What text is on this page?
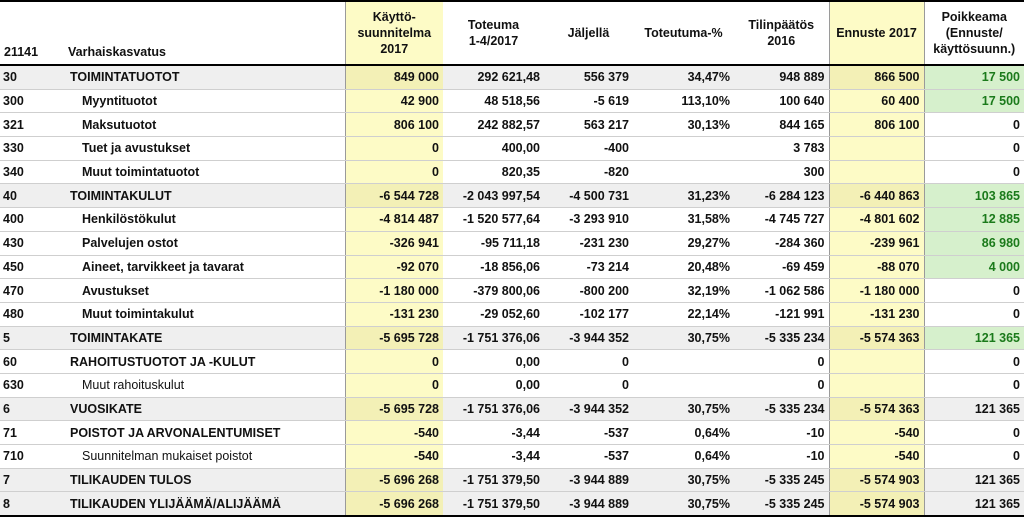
21141	Varhaiskasvatus	Käyttö-
suunnitelma
2017	Toteuma
1-4/2017	Jäljellä	Toteutuma-%	Tilinpäätös
2016	Ennuste 2017	Poikkeama
(Ennuste/
käyttösuunn.)

30	TOIMINTATUOTOT	849 000	292 621,48	556 379	34,47%	948 889	866 500	17 500
300	Myyntituotot	42 900	48 518,56	-5 619	113,10%	100 640	60 400	17 500
321	Maksutuotot	806 100	242 882,57	563 217	30,13%	844 165	806 100	0
330	Tuet ja avustukset	0	400,00	-400		3 783		0
340	Muut toimintatuotot	0	820,35	-820		300		0
40	TOIMINTAKULUT	-6 544 728	-2 043 997,54	-4 500 731	31,23%	-6 284 123	-6 440 863	103 865
400	Henkilöstökulut	-4 814 487	-1 520 577,64	-3 293 910	31,58%	-4 745 727	-4 801 602	12 885
430	Palvelujen ostot	-326 941	-95 711,18	-231 230	29,27%	-284 360	-239 961	86 980
450	Aineet, tarvikkeet ja tavarat	-92 070	-18 856,06	-73 214	20,48%	-69 459	-88 070	4 000
470	Avustukset	-1 180 000	-379 800,06	-800 200	32,19%	-1 062 586	-1 180 000	0
480	Muut toimintakulut	-131 230	-29 052,60	-102 177	22,14%	-121 991	-131 230	0
5	TOIMINTAKATE	-5 695 728	-1 751 376,06	-3 944 352	30,75%	-5 335 234	-5 574 363	121 365
60	RAHOITUSTUOTOT JA -KULUT	0	0,00	0		0		0
630	Muut rahoituskulut	0	0,00	0		0		0
6	VUOSIKATE	-5 695 728	-1 751 376,06	-3 944 352	30,75%	-5 335 234	-5 574 363	121 365
71	POISTOT JA ARVONALENTUMISET	-540	-3,44	-537	0,64%	-10	-540	0
710	Suunnitelman mukaiset poistot	-540	-3,44	-537	0,64%	-10	-540	0
7	TILIKAUDEN TULOS	-5 696 268	-1 751 379,50	-3 944 889	30,75%	-5 335 245	-5 574 903	121 365
8	TILIKAUDEN YLIJÄÄMÄ/ALIJÄÄMÄ	-5 696 268	-1 751 379,50	-3 944 889	30,75%	-5 335 245	-5 574 903	121 365
